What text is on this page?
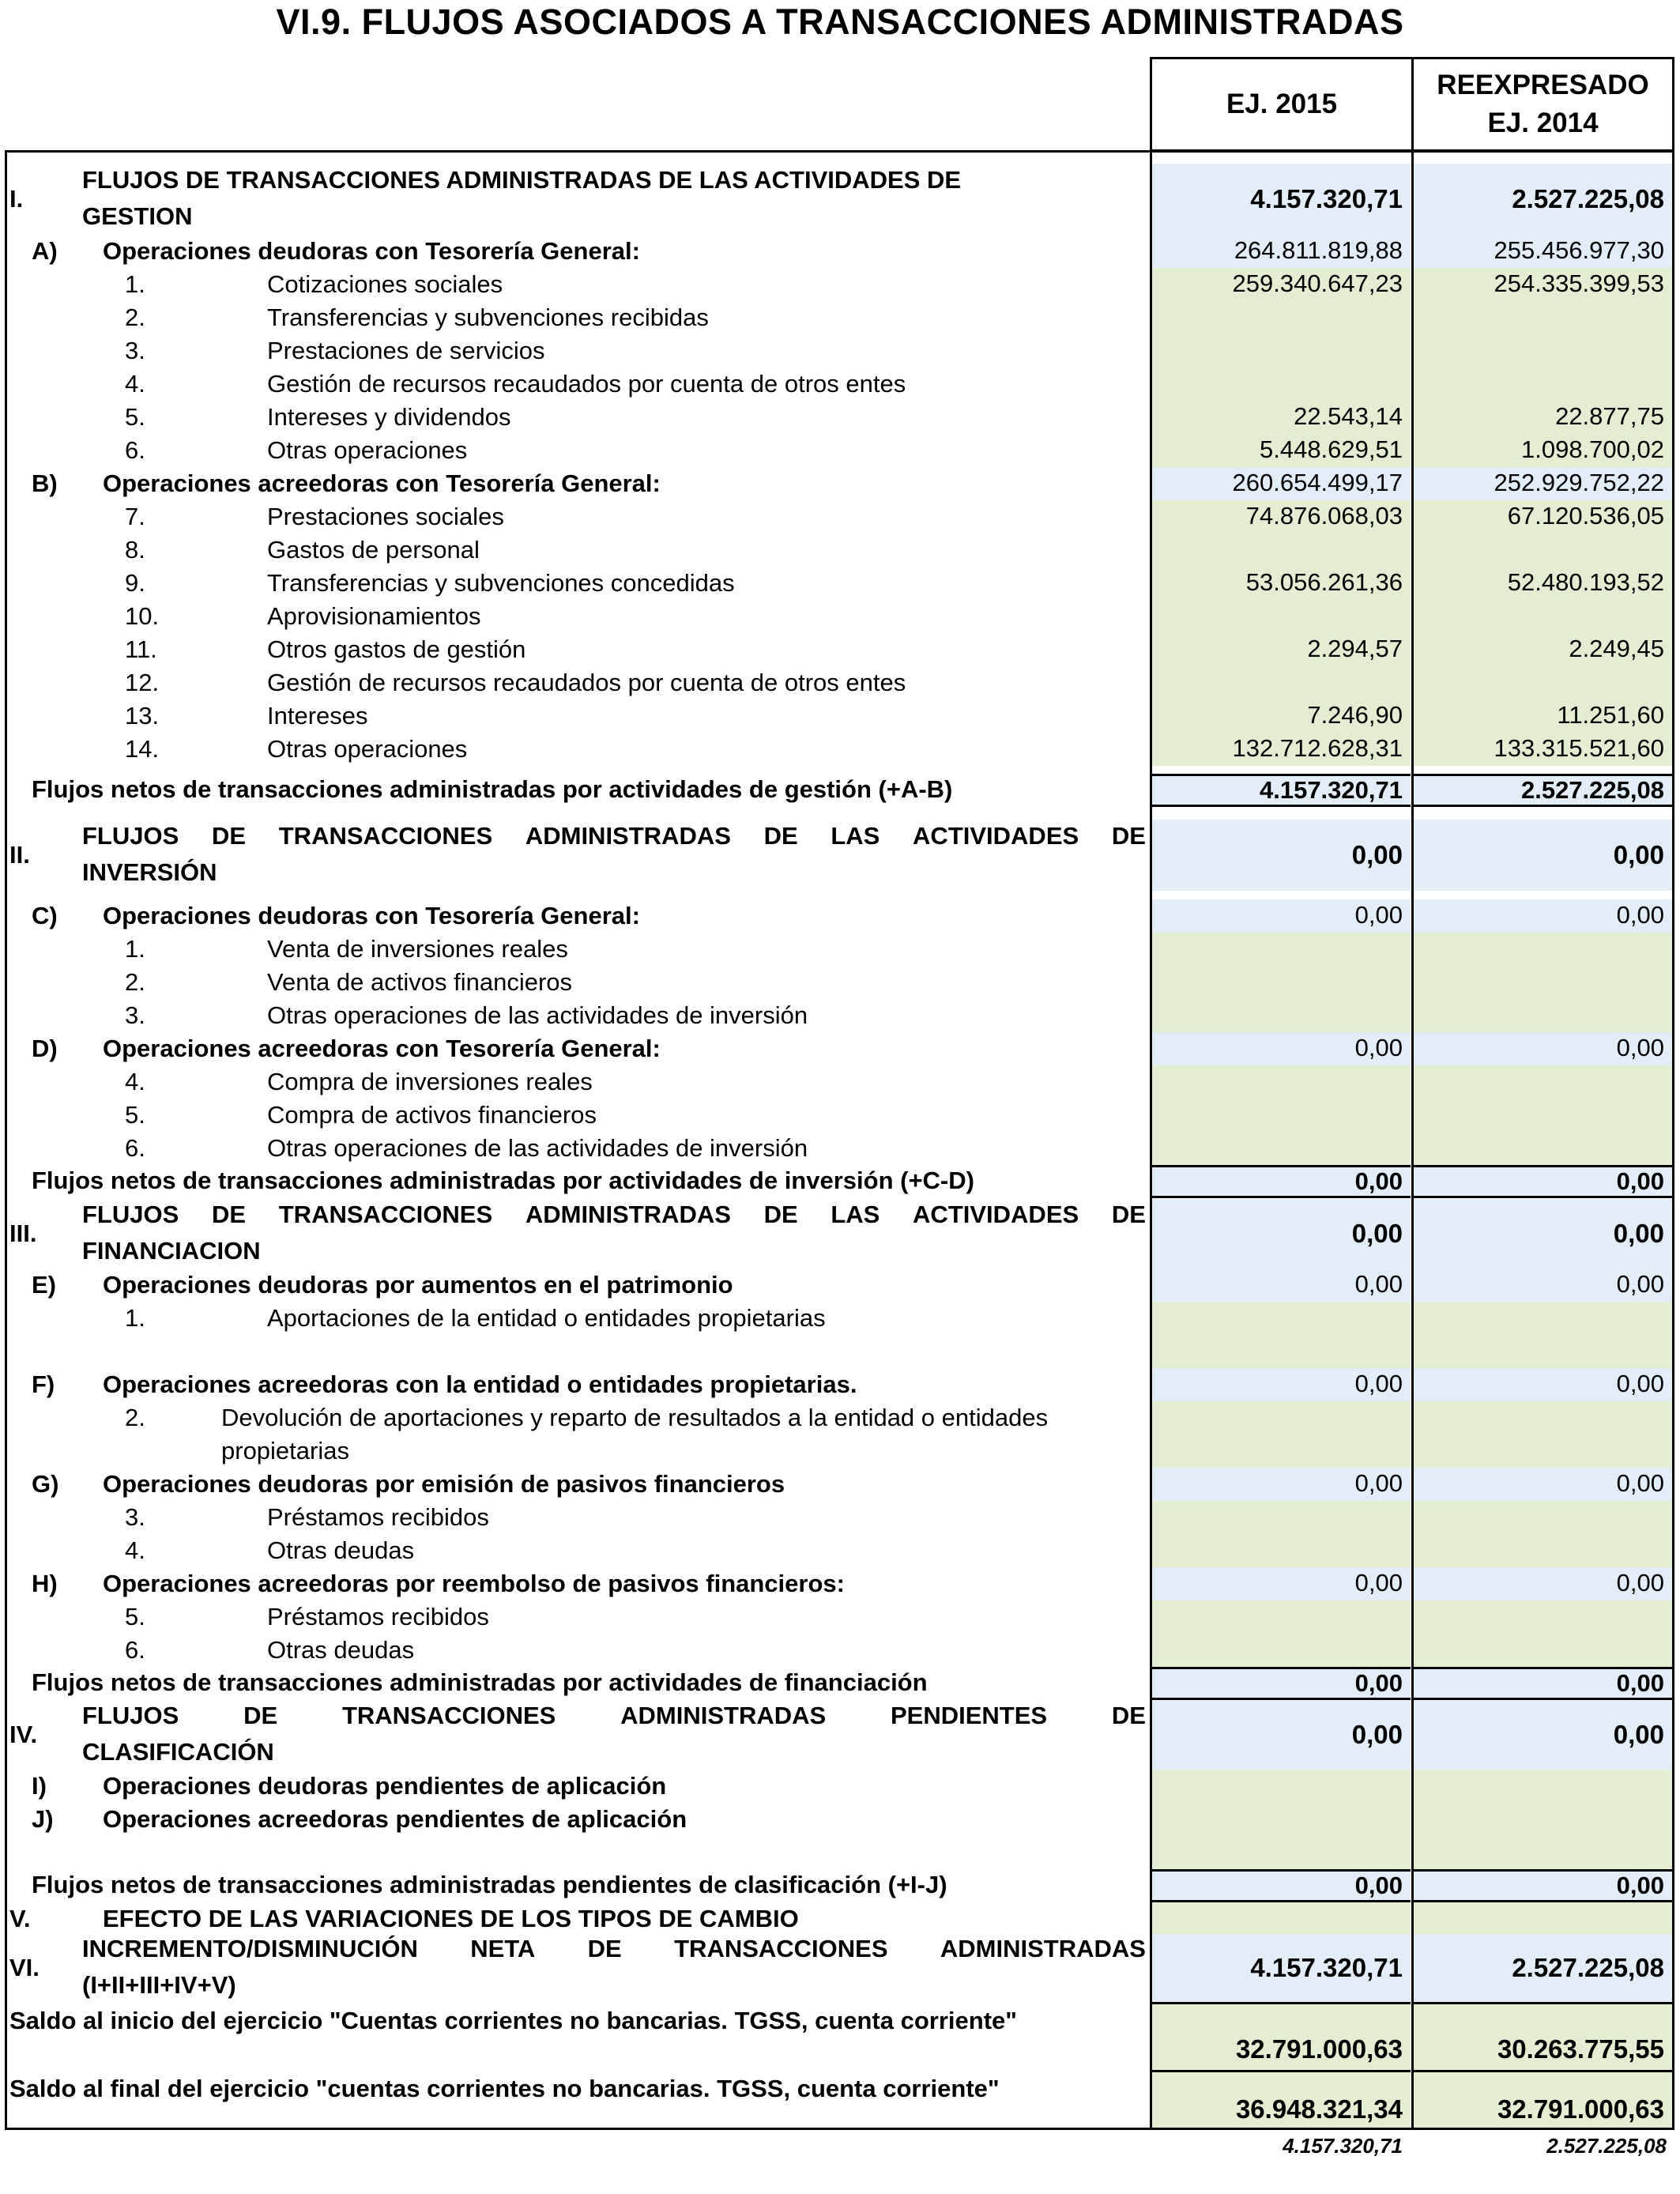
VI.9. FLUJOS ASOCIADOS A TRANSACCIONES ADMINISTRADAS
EJ. 2015
REEXPRESADO
EJ. 2014
I.
FLUJOS DE TRANSACCIONES ADMINISTRADAS DE LAS ACTIVIDADES DE
GESTION
4.157.320,71	2.527.225,08
A) Operaciones deudoras con Tesorería General:	264.811.819,88	255.456.977,30
1.	Cotizaciones sociales	259.340.647,23	254.335.399,53
2.	Transferencias y subvenciones recibidas
3.	Prestaciones de servicios
4.	Gestión de recursos recaudados por cuenta de otros entes
5.	Intereses y dividendos	22.543,14	22.877,75
6.	Otras operaciones	5.448.629,51	1.098.700,02
B) Operaciones acreedoras con Tesorería General:	260.654.499,17	252.929.752,22
7.	Prestaciones sociales	74.876.068,03	67.120.536,05
8.	Gastos de personal
9.	Transferencias y subvenciones concedidas	53.056.261,36	52.480.193,52
10.	Aprovisionamientos
11.	Otros gastos de gestión	2.294,57	2.249,45
12.	Gestión de recursos recaudados por cuenta de otros entes
13.	Intereses	7.246,90	11.251,60
14.	Otras operaciones	132.712.628,31	133.315.521,60
Flujos netos de transacciones administradas por actividades de gestión (+A-B)	4.157.320,71	2.527.225,08
II.
FLUJOS DE TRANSACCIONES ADMINISTRADAS DE LAS ACTIVIDADES DE
INVERSIÓN
0,00	0,00
C) Operaciones deudoras con Tesorería General:	0,00	0,00
1.	Venta de inversiones reales
2.	Venta de activos financieros
3.	Otras operaciones de las actividades de inversión
D) Operaciones acreedoras con Tesorería General:	0,00	0,00
4.	Compra de inversiones reales
5.	Compra de activos financieros
6.	Otras operaciones de las actividades de inversión
Flujos netos de transacciones administradas por actividades de inversión (+C-D)	0,00	0,00
III.
FLUJOS DE TRANSACCIONES ADMINISTRADAS DE LAS ACTIVIDADES DE
FINANCIACION
0,00	0,00
E) Operaciones deudoras por aumentos en el patrimonio	0,00	0,00
1.	Aportaciones de la entidad o entidades propietarias
F) Operaciones acreedoras con la entidad o entidades propietarias.	0,00	0,00
2.	Devolución de aportaciones y reparto de resultados a la entidad o entidades
propietarias
G) Operaciones deudoras por emisión de pasivos financieros	0,00	0,00
3.	Préstamos recibidos
4.	Otras deudas
H) Operaciones acreedoras por reembolso de pasivos financieros:	0,00	0,00
5.	Préstamos recibidos
6.	Otras deudas
Flujos netos de transacciones administradas por actividades de financiación	0,00	0,00
IV.
FLUJOS	DE	TRANSACCIONES	ADMINISTRADAS	PENDIENTES	DE
CLASIFICACIÓN
0,00	0,00
I) Operaciones deudoras pendientes de aplicación
J) Operaciones acreedoras pendientes de aplicación
Flujos netos de transacciones administradas pendientes de clasificación (+I-J)	0,00	0,00
V.	EFECTO DE LAS VARIACIONES DE LOS TIPOS DE CAMBIO
VI.
INCREMENTO/DISMINUCIÓN NETA DE TRANSACCIONES ADMINISTRADAS
(I+II+III+IV+V)
4.157.320,71	2.527.225,08
Saldo al inicio del ejercicio "Cuentas corrientes no bancarias. TGSS, cuenta corriente"
32.791.000,63	30.263.775,55
Saldo al final del ejercicio "cuentas corrientes no bancarias. TGSS, cuenta corriente"
36.948.321,34	32.791.000,63
4.157.320,71	2.527.225,08
